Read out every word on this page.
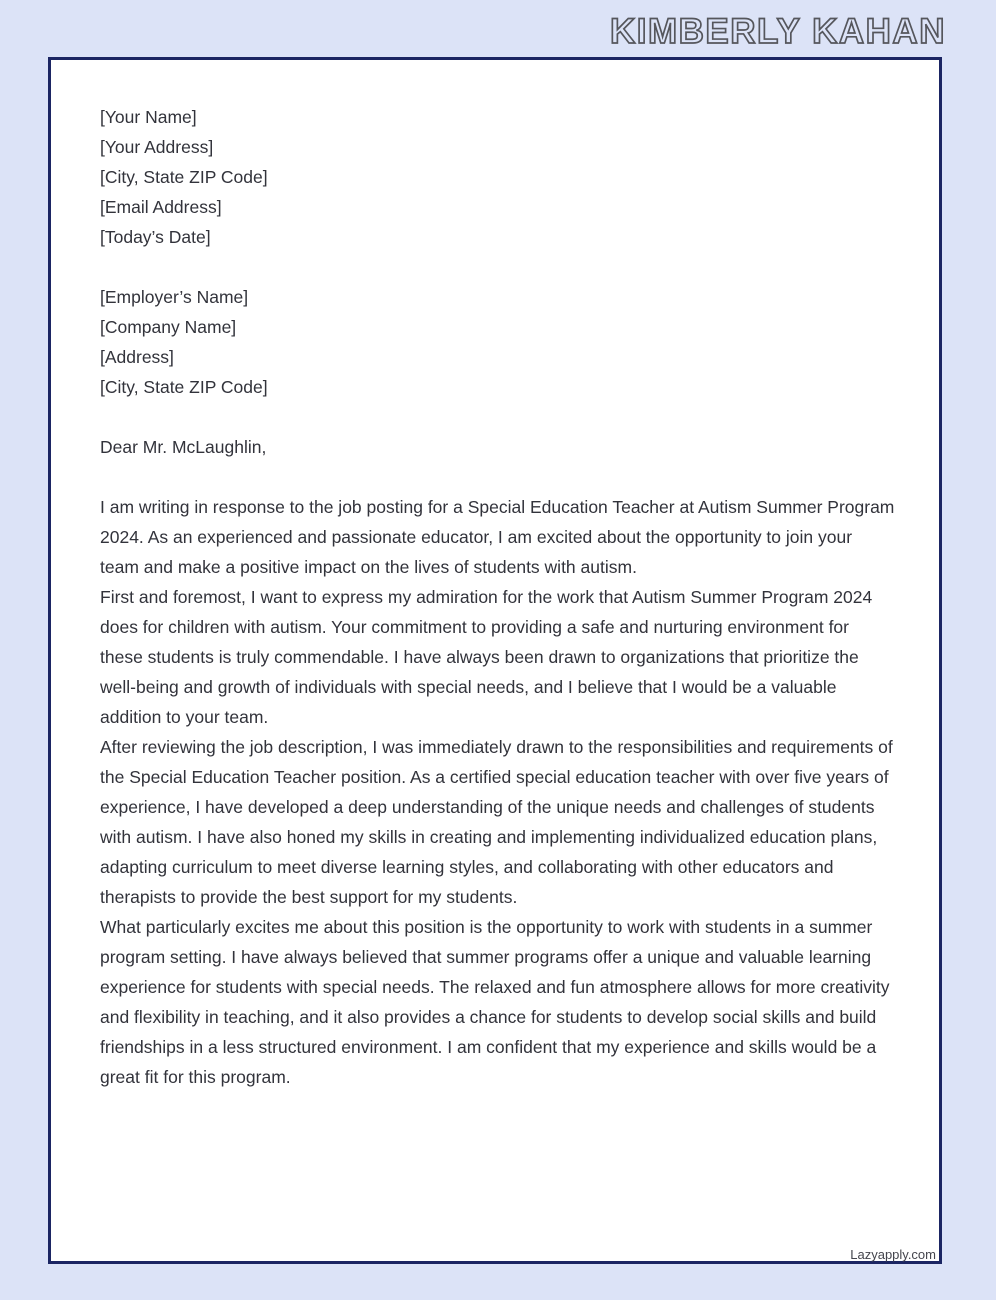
KIMBERLY KAHAN

[Your Name]

[Your Address]

[City, State ZIP Code]

[Email Address]

[Today’s Date]

[Employer’s Name]

[Company Name]

[Address]

[City, State ZIP Code]

Dear Mr. McLaughlin,

I am writing in response to the job posting for a Special Education Teacher at Autism Summer Program 2024. As an experienced and passionate educator, I am excited about the opportunity to join your team and make a positive impact on the lives of students with autism.

First and foremost, I want to express my admiration for the work that Autism Summer Program 2024 does for children with autism. Your commitment to providing a safe and nurturing environment for these students is truly commendable. I have always been drawn to organizations that prioritize the well-being and growth of individuals with special needs, and I believe that I would be a valuable addition to your team.

After reviewing the job description, I was immediately drawn to the responsibilities and requirements of the Special Education Teacher position. As a certified special education teacher with over five years of experience, I have developed a deep understanding of the unique needs and challenges of students with autism. I have also honed my skills in creating and implementing individualized education plans, adapting curriculum to meet diverse learning styles, and collaborating with other educators and therapists to provide the best support for my students.

What particularly excites me about this position is the opportunity to work with students in a summer program setting. I have always believed that summer programs offer a unique and valuable learning experience for students with special needs. The relaxed and fun atmosphere allows for more creativity and flexibility in teaching, and it also provides a chance for students to develop social skills and build friendships in a less structured environment. I am confident that my experience and skills would be a great fit for this program.

Lazyapply.com
